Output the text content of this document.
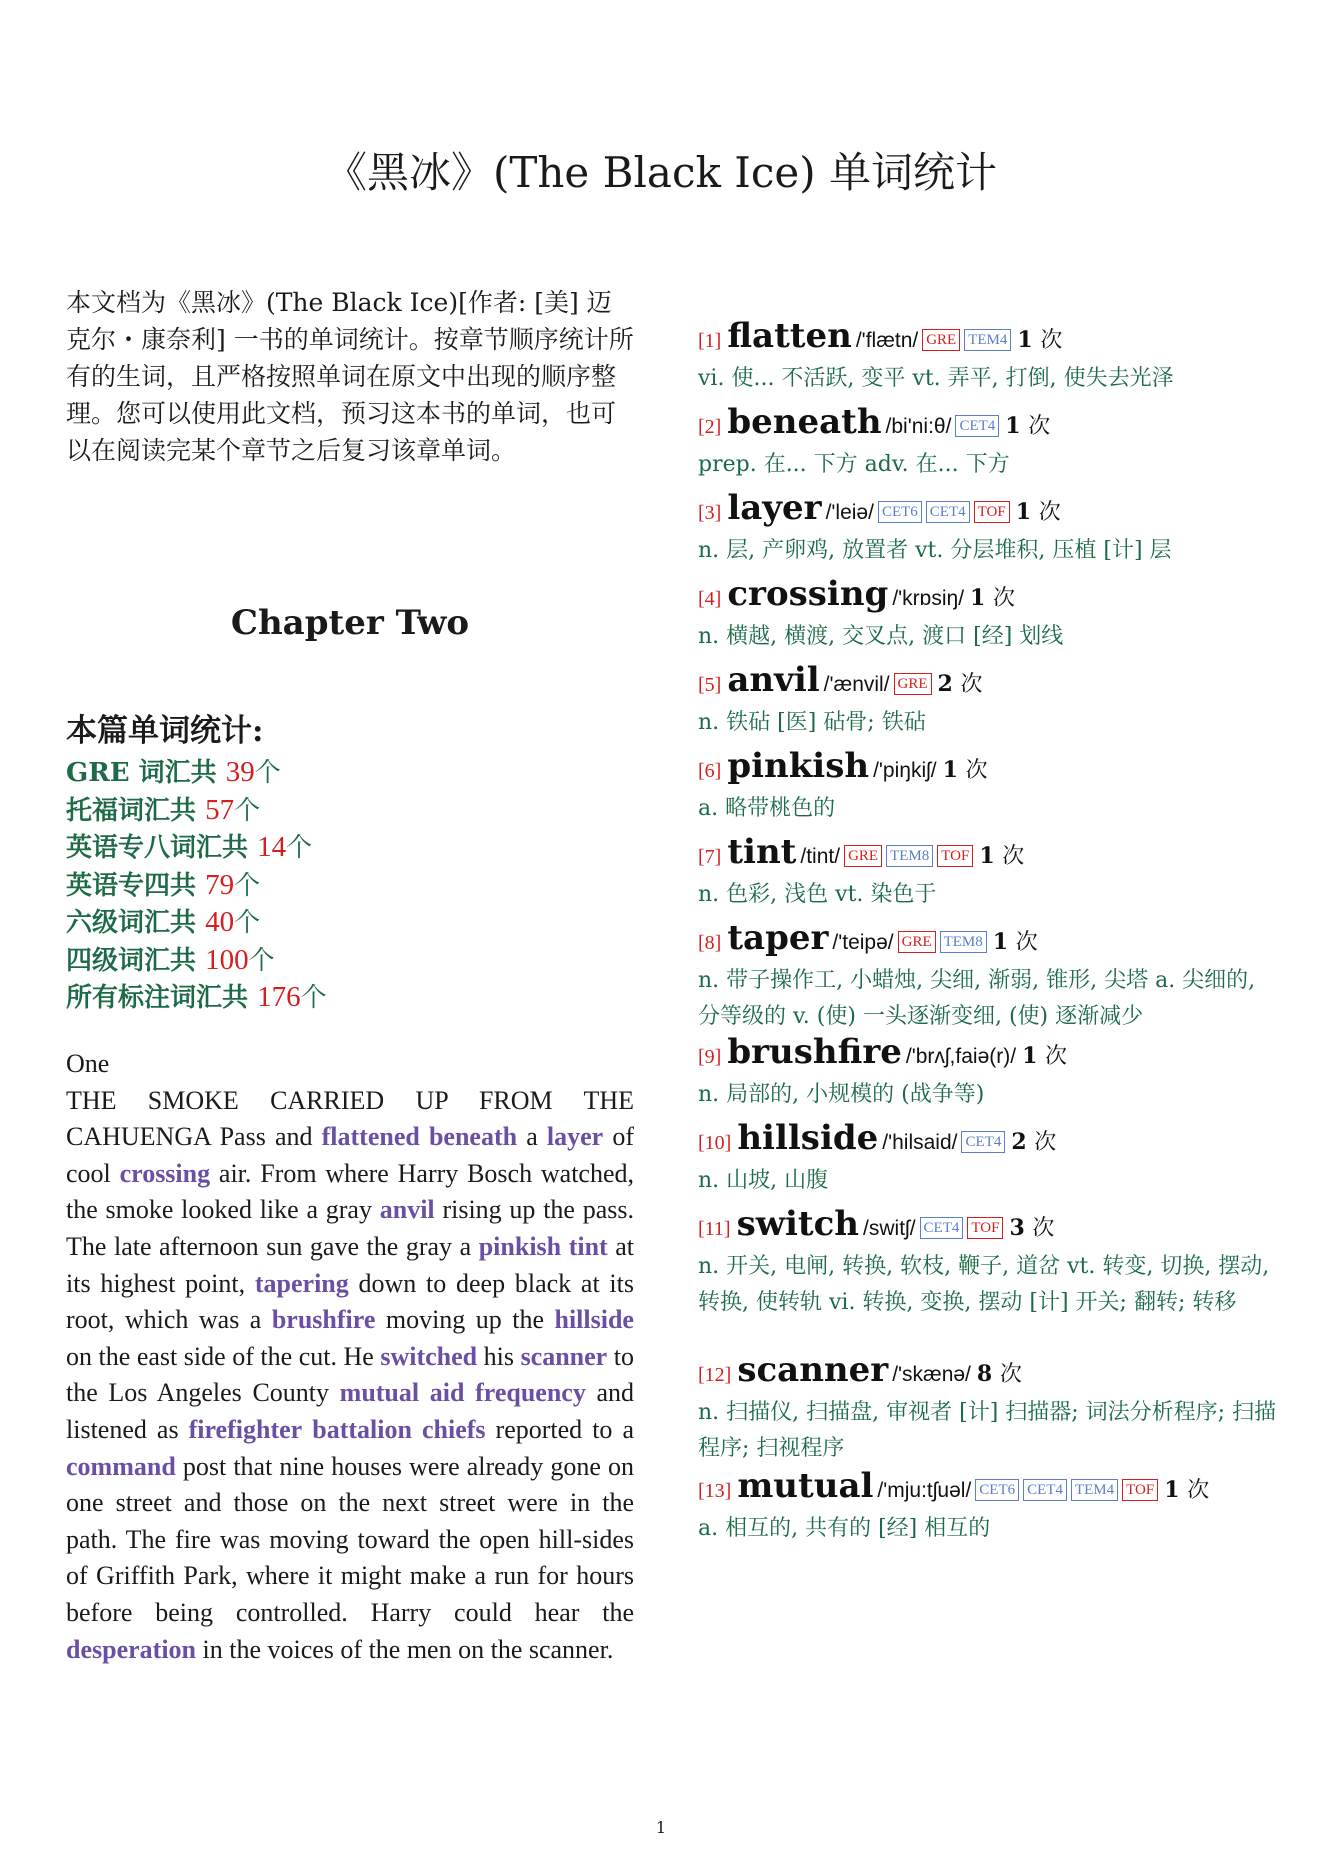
《黑冰》(The Black Ice) 单词统计

本文档为《黑冰》(The Black Ice)[作者: [美] 迈克尔・康奈利] 一书的单词统计。按章节顺序统计所有的生词，且严格按照单词在原文中出现的顺序整理。您可以使用此文档，预习这本书的单词，也可以在阅读完某个章节之后复习该章单词。

Chapter Two
本篇单词统计:
GRE 词汇共 39个
托福词汇共 57个
英语专八词汇共 14个
英语专四共 79个
六级词汇共 40个
四级词汇共 100个
所有标注词汇共 176个

One
THE SMOKE CARRIED UP FROM THE CAHUENGA Pass and flattened beneath a layer of cool crossing air. From where Harry Bosch watched, the smoke looked like a gray anvil rising up the pass. The late afternoon sun gave the gray a pinkish tint at its highest point, tapering down to deep black at its root, which was a brushfire moving up the hillside on the east side of the cut. He switched his scanner to the Los Angeles County mutual aid frequency and listened as firefighter battalion chiefs reported to a command post that nine houses were already gone on one street and those on the next street were in the path. The fire was moving toward the open hill-sides of Griffith Park, where it might make a run for hours before being controlled. Harry could hear the desperation in the voices of the men on the scanner.

[1] flatten /'flætn/ GRE TEM4 1 次

vi. 使... 不活跃, 变平 vt. 弄平, 打倒, 使失去光泽

[2] beneath /bi'ni:θ/ CET4 1 次

prep. 在... 下方 adv. 在... 下方

[3] layer /'leiə/ CET6 CET4 TOF 1 次

n. 层, 产卵鸡, 放置者 vt. 分层堆积, 压植 [计] 层

[4] crossing /'krɒsiŋ/ 1 次

n. 横越, 横渡, 交叉点, 渡口 [经] 划线

[5] anvil /'ænvil/ GRE 2 次

n. 铁砧 [医] 砧骨; 铁砧

[6] pinkish /'piŋkiʃ/ 1 次

a. 略带桃色的

[7] tint /tint/ GRE TEM8 TOF 1 次

n. 色彩, 浅色 vt. 染色于

[8] taper /'teipə/ GRE TEM8 1 次

n. 带子操作工, 小蜡烛, 尖细, 渐弱, 锥形, 尖塔 a. 尖细的, 分等级的 v. (使) 一头逐渐变细, (使) 逐渐减少

[9] brushfire /'brʌʃ,faiə(r)/ 1 次

n. 局部的, 小规模的 (战争等)

[10] hillside /'hilsaid/ CET4 2 次

n. 山坡, 山腹

[11] switch /switʃ/ CET4 TOF 3 次

n. 开关, 电闸, 转换, 软枝, 鞭子, 道岔 vt. 转变, 切换, 摆动, 转换, 使转轨 vi. 转换, 变换, 摆动 [计] 开关; 翻转; 转移

[12] scanner /'skænə/ 8 次

n. 扫描仪, 扫描盘, 审视者 [计] 扫描器; 词法分析程序; 扫描程序; 扫视程序

[13] mutual /'mju:tʃuəl/ CET6 CET4 TEM4 TOF 1 次

a. 相互的, 共有的 [经] 相互的

1
